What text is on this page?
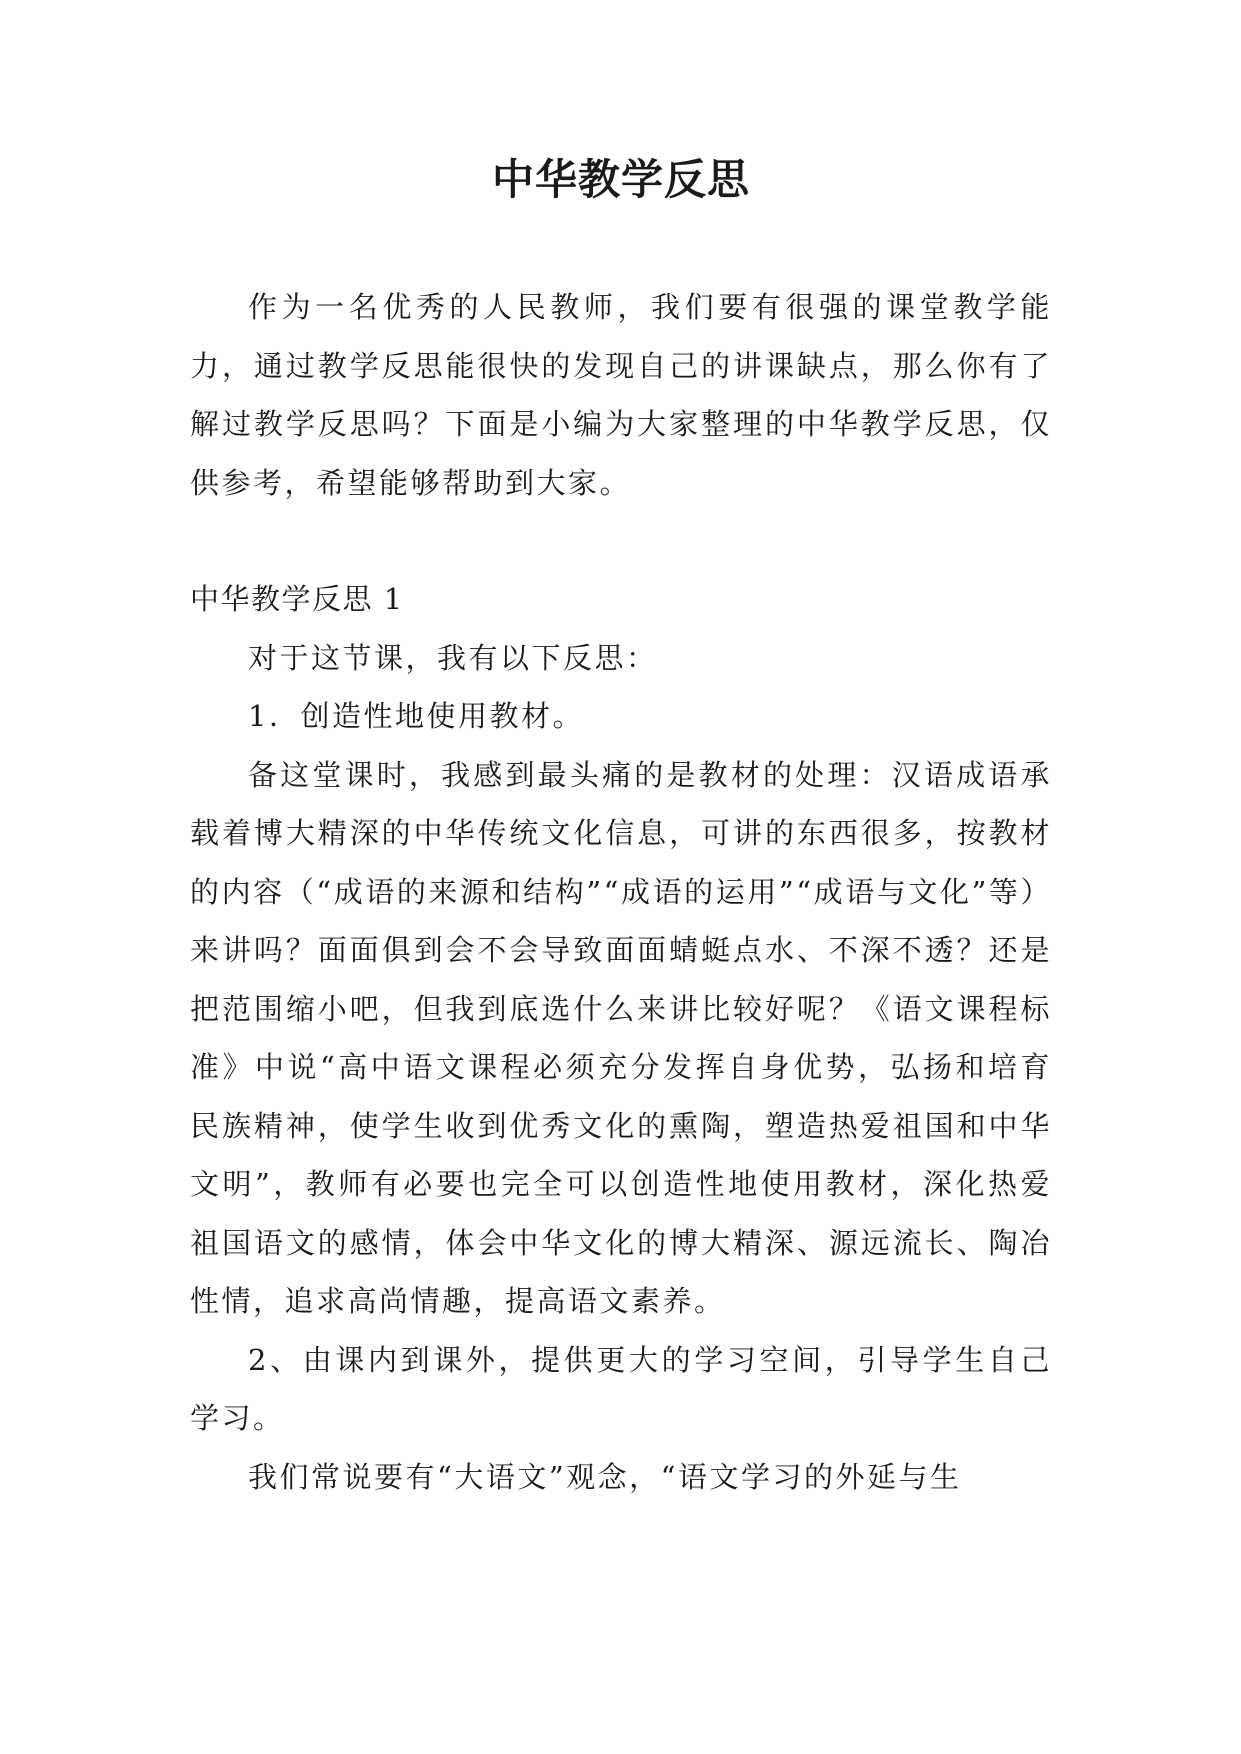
中华教学反思

作为一名优秀的人民教师，我们要有很强的课堂教学能力，通过教学反思能很快的发现自己的讲课缺点，那么你有了解过教学反思吗？下面是小编为大家整理的中华教学反思，仅供参考，希望能够帮助到大家。

中华教学反思 1

对于这节课，我有以下反思：

1．创造性地使用教材。

备这堂课时，我感到最头痛的是教材的处理：汉语成语承载着博大精深的中华传统文化信息，可讲的东西很多，按教材的内容（“成语的来源和结构”“成语的运用”“成语与文化”等）来讲吗？面面俱到会不会导致面面蜻蜓点水、不深不透？还是把范围缩小吧，但我到底选什么来讲比较好呢？《语文课程标准》中说“高中语文课程必须充分发挥自身优势，弘扬和培育民族精神，使学生收到优秀文化的熏陶，塑造热爱祖国和中华文明”，教师有必要也完全可以创造性地使用教材，深化热爱祖国语文的感情，体会中华文化的博大精深、源远流长、陶冶性情，追求高尚情趣，提高语文素养。

2、由课内到课外，提供更大的学习空间，引导学生自己学习。

我们常说要有“大语文”观念，“语文学习的外延与生
